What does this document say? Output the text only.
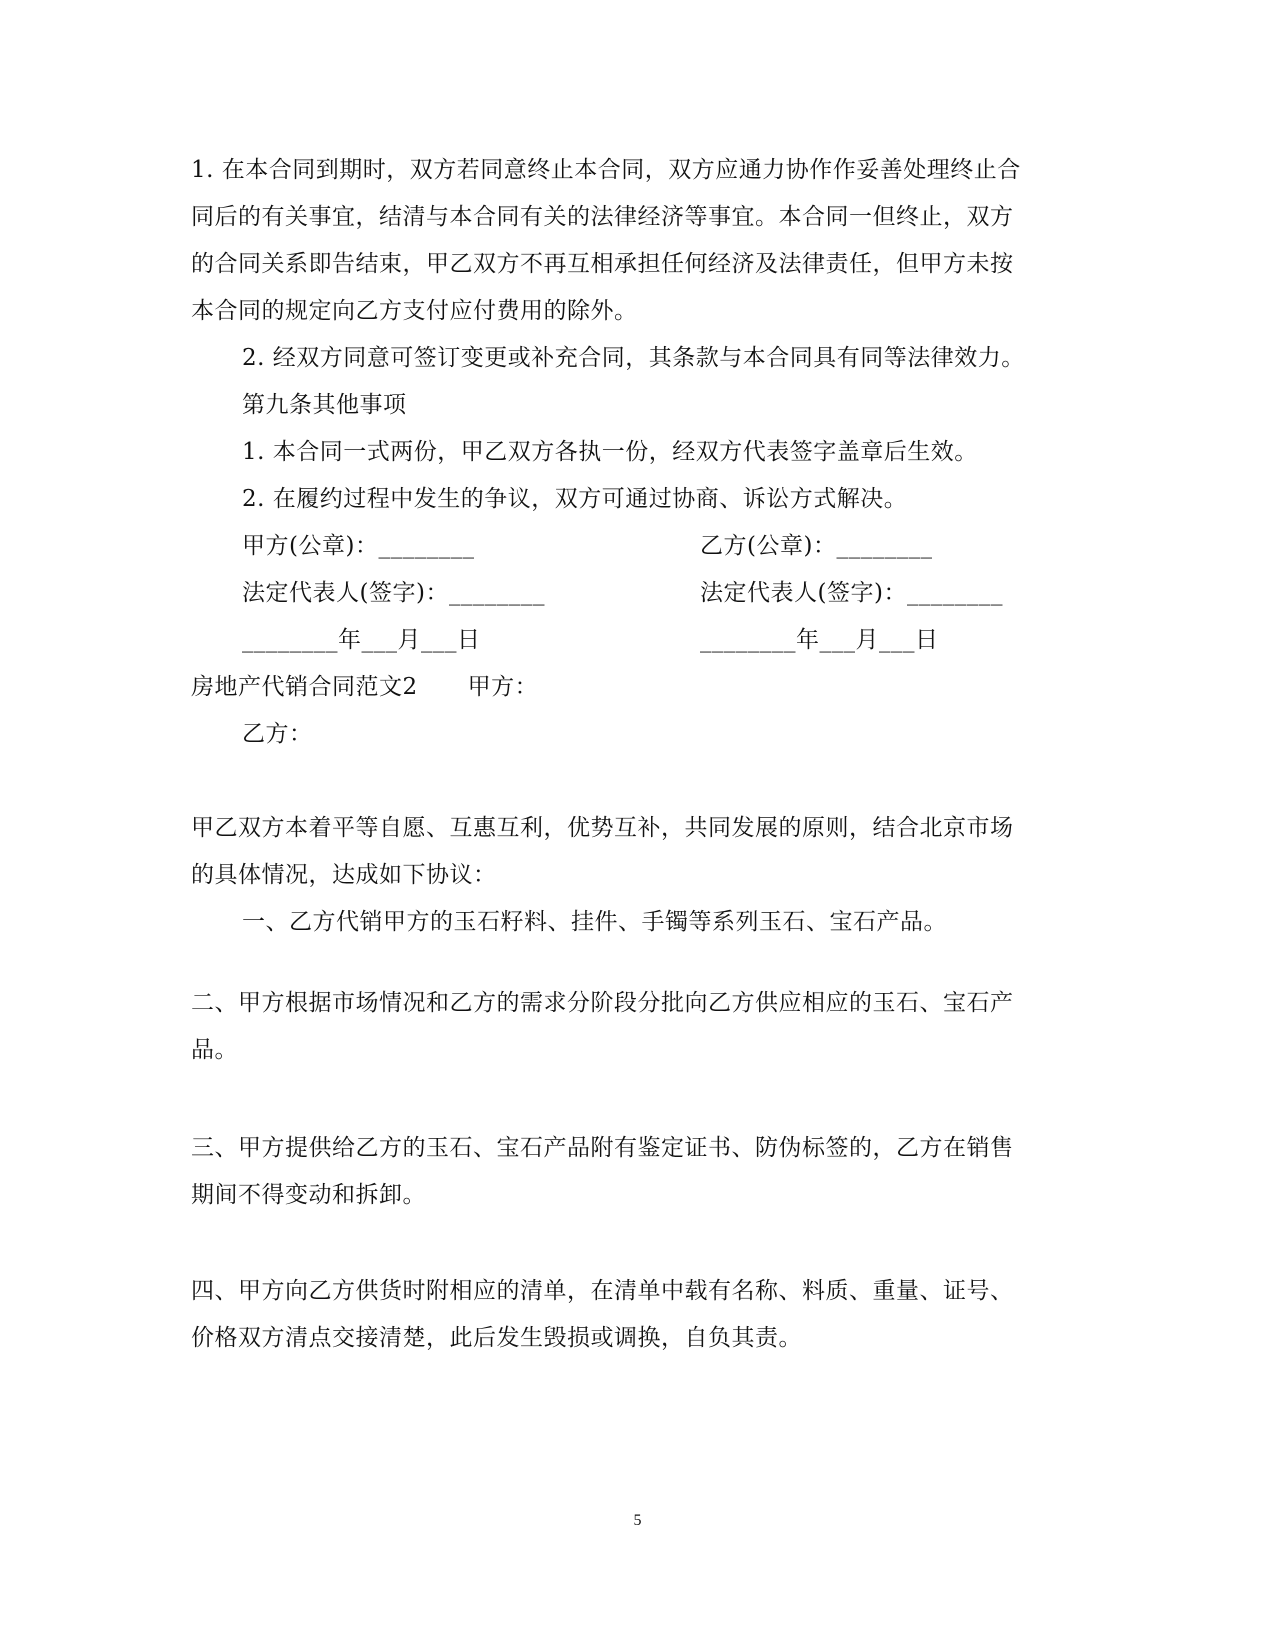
1. 在本合同到期时，双方若同意终止本合同，双方应通力协作作妥善处理终止合
同后的有关事宜，结清与本合同有关的法律经济等事宜。本合同一但终止，双方
的合同关系即告结束，甲乙双方不再互相承担任何经济及法律责任，但甲方未按
本合同的规定向乙方支付应付费用的除外。
2. 经双方同意可签订变更或补充合同，其条款与本合同具有同等法律效力。
第九条其他事项
1. 本合同一式两份，甲乙双方各执一份，经双方代表签字盖章后生效。
2. 在履约过程中发生的争议，双方可通过协商、诉讼方式解决。
甲方(公章)：________	乙方(公章)：________
法定代表人(签字)：________	法定代表人(签字)：________
________年___月___日	________年___月___日
房地产代销合同范文2 甲方：
乙方：
甲乙双方本着平等自愿、互惠互利，优势互补，共同发展的原则，结合北京市场
的具体情况，达成如下协议：
一、乙方代销甲方的玉石籽料、挂件、手镯等系列玉石、宝石产品。
二、甲方根据市场情况和乙方的需求分阶段分批向乙方供应相应的玉石、宝石产
品。
三、甲方提供给乙方的玉石、宝石产品附有鉴定证书、防伪标签的，乙方在销售
期间不得变动和拆卸。
四、甲方向乙方供货时附相应的清单，在清单中载有名称、料质、重量、证号、
价格双方清点交接清楚，此后发生毁损或调换，自负其责。
5
